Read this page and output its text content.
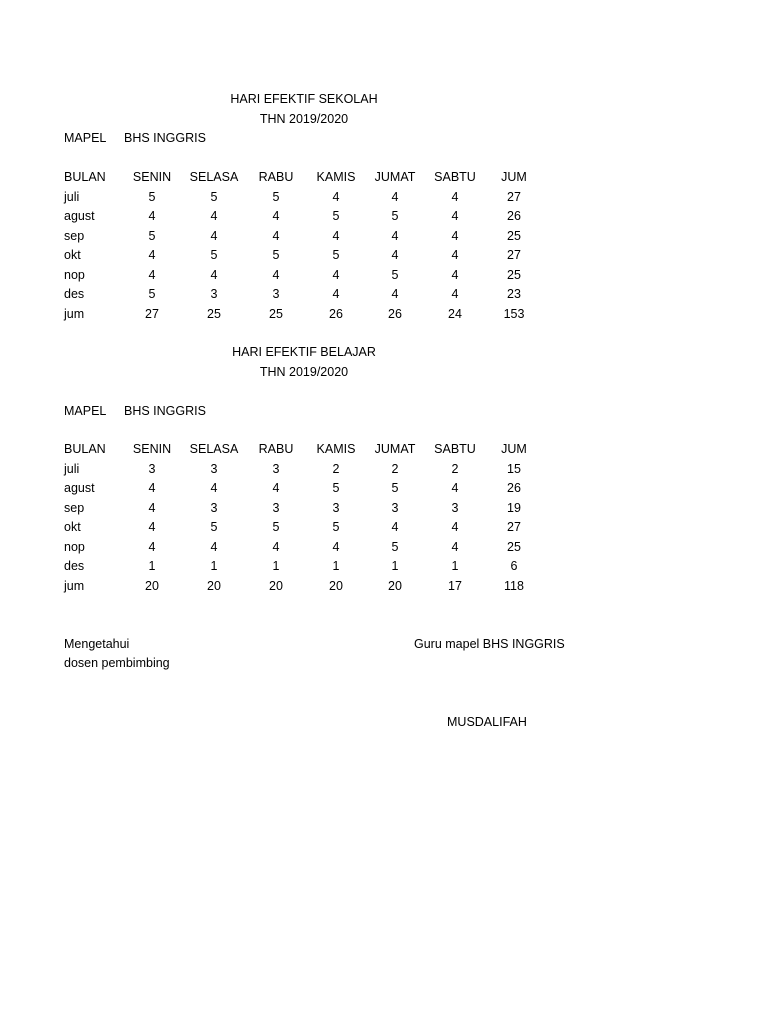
HARI EFEKTIF SEKOLAH
THN 2019/2020
MAPEL	BHS INGGRIS
BULAN SENIN SELASA RABU KAMIS JUMAT SABTU JUM
juli	5	5	5	4	4	4	27
agust	4	4	4	5	5	4	26
sep	5	4	4	4	4	4	25
okt	4	5	5	5	4	4	27
nop	4	4	4	4	5	4	25
des	5	3	3	4	4	4	23
jum	27	25	25	26	26	24	153
HARI EFEKTIF BELAJAR
THN 2019/2020
MAPEL	BHS INGGRIS
BULAN SENIN SELASA RABU KAMIS JUMAT SABTU JUM
juli	3	3	3	2	2	2	15
agust	4	4	4	5	5	4	26
sep	4	3	3	3	3	3	19
okt	4	5	5	5	4	4	27
nop	4	4	4	4	5	4	25
des	1	1	1	1	1	1	6
jum	20	20	20	20	20	17	118
Mengetahui
dosen pembimbing
Guru mapel BHS INGGRIS
MUSDALIFAH
